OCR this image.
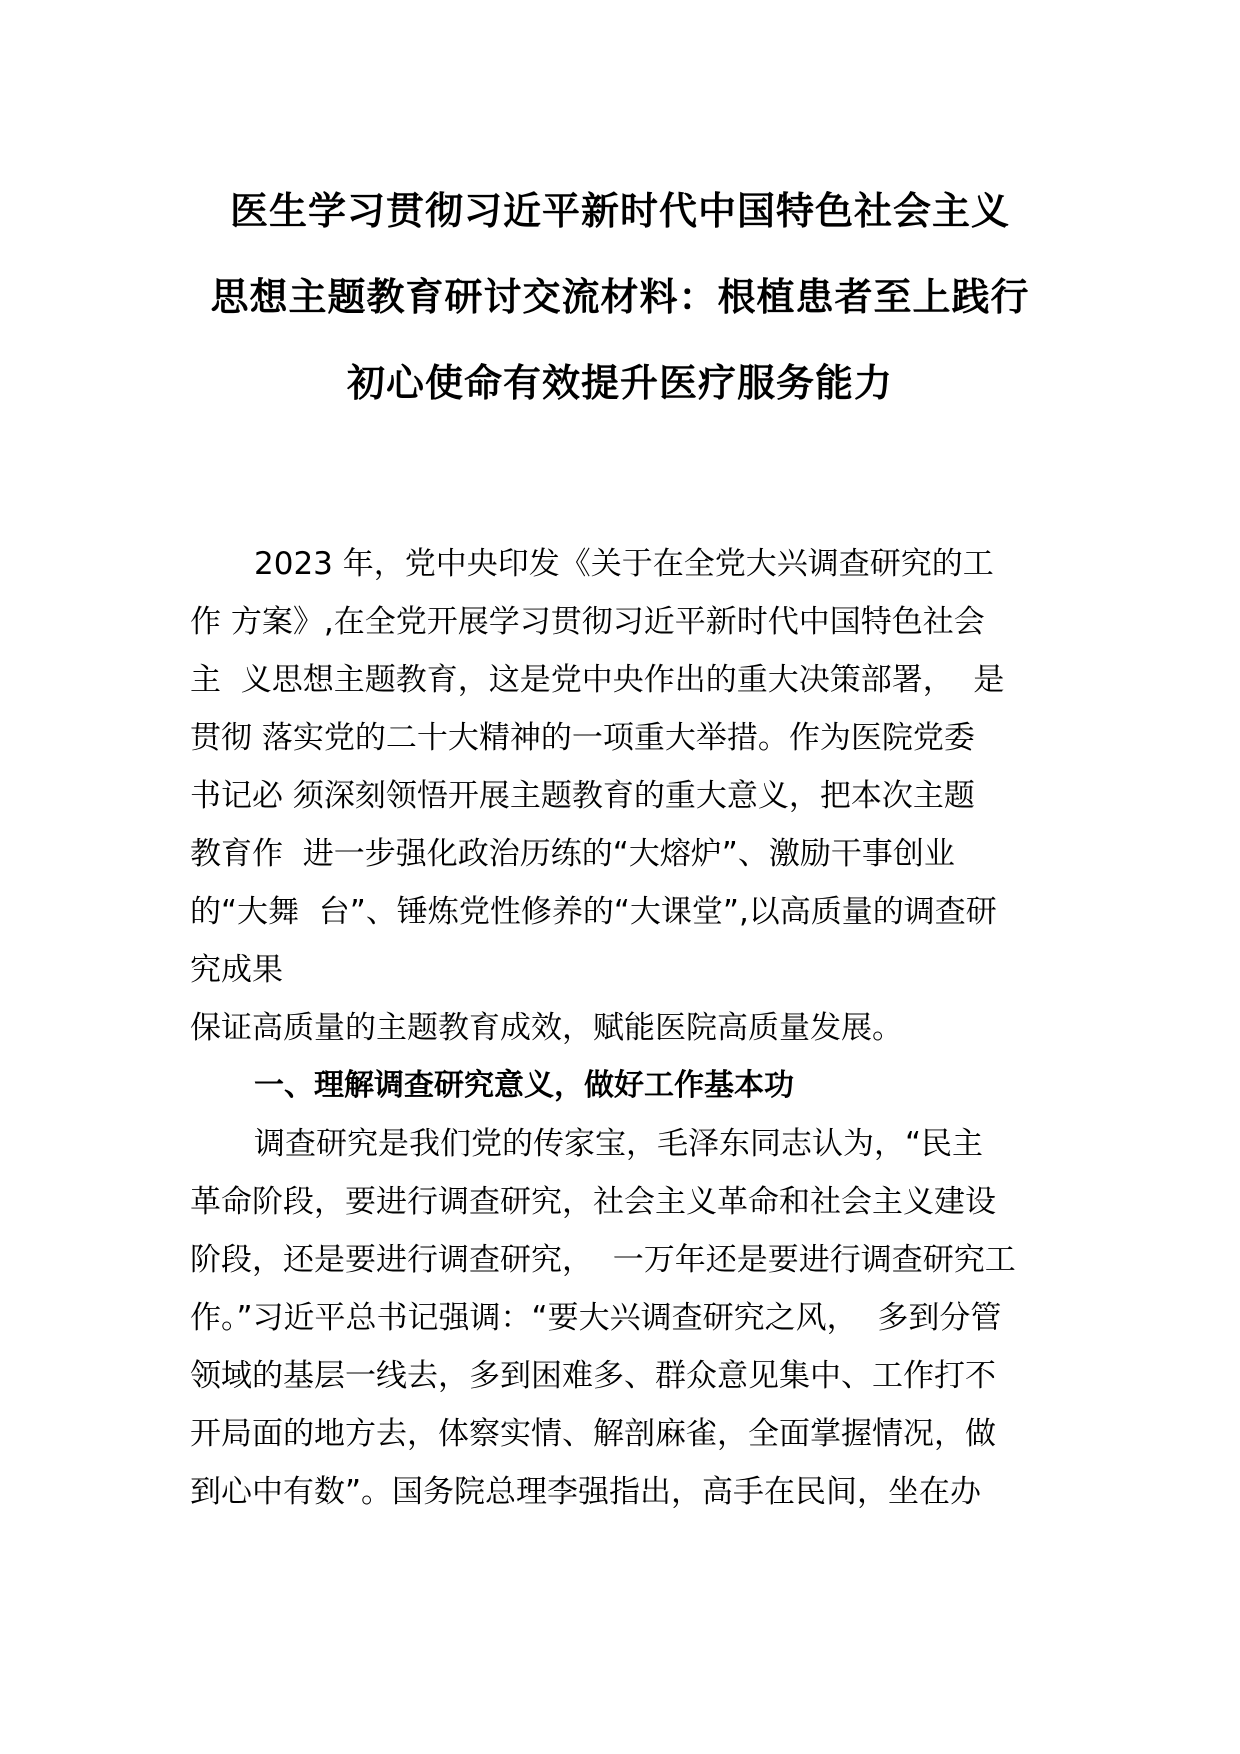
医生学习贯彻习近平新时代中国特色社会主义
思想主题教育研讨交流材料：根植患者至上践行
初心使命有效提升医疗服务能力
2023 年，党中央印发《关于在全党大兴调查研究的工
作 方案》,在全党开展学习贯彻习近平新时代中国特色社会
主  义思想主题教育，这是党中央作出的重大决策部署，  是
贯彻 落实党的二十大精神的一项重大举措。作为医院党委
书记必 须深刻领悟开展主题教育的重大意义，把本次主题
教育作  进一步强化政治历练的“大熔炉”、激励干事创业
的“大舞  台”、锤炼党性修养的“大课堂”,以高质量的调查研
究成果
保证高质量的主题教育成效，赋能医院高质量发展。
一、理解调查研究意义，做好工作基本功
调查研究是我们党的传家宝，毛泽东同志认为，“民主
革命阶段，要进行调查研究，社会主义革命和社会主义建设
阶段，还是要进行调查研究，  一万年还是要进行调查研究工
作。”习近平总书记强调：“要大兴调查研究之风，  多到分管
领域的基层一线去，多到困难多、群众意见集中、工作打不
开局面的地方去，体察实情、解剖麻雀，全面掌握情况，做
到心中有数”。国务院总理李强指出，高手在民间，坐在办
